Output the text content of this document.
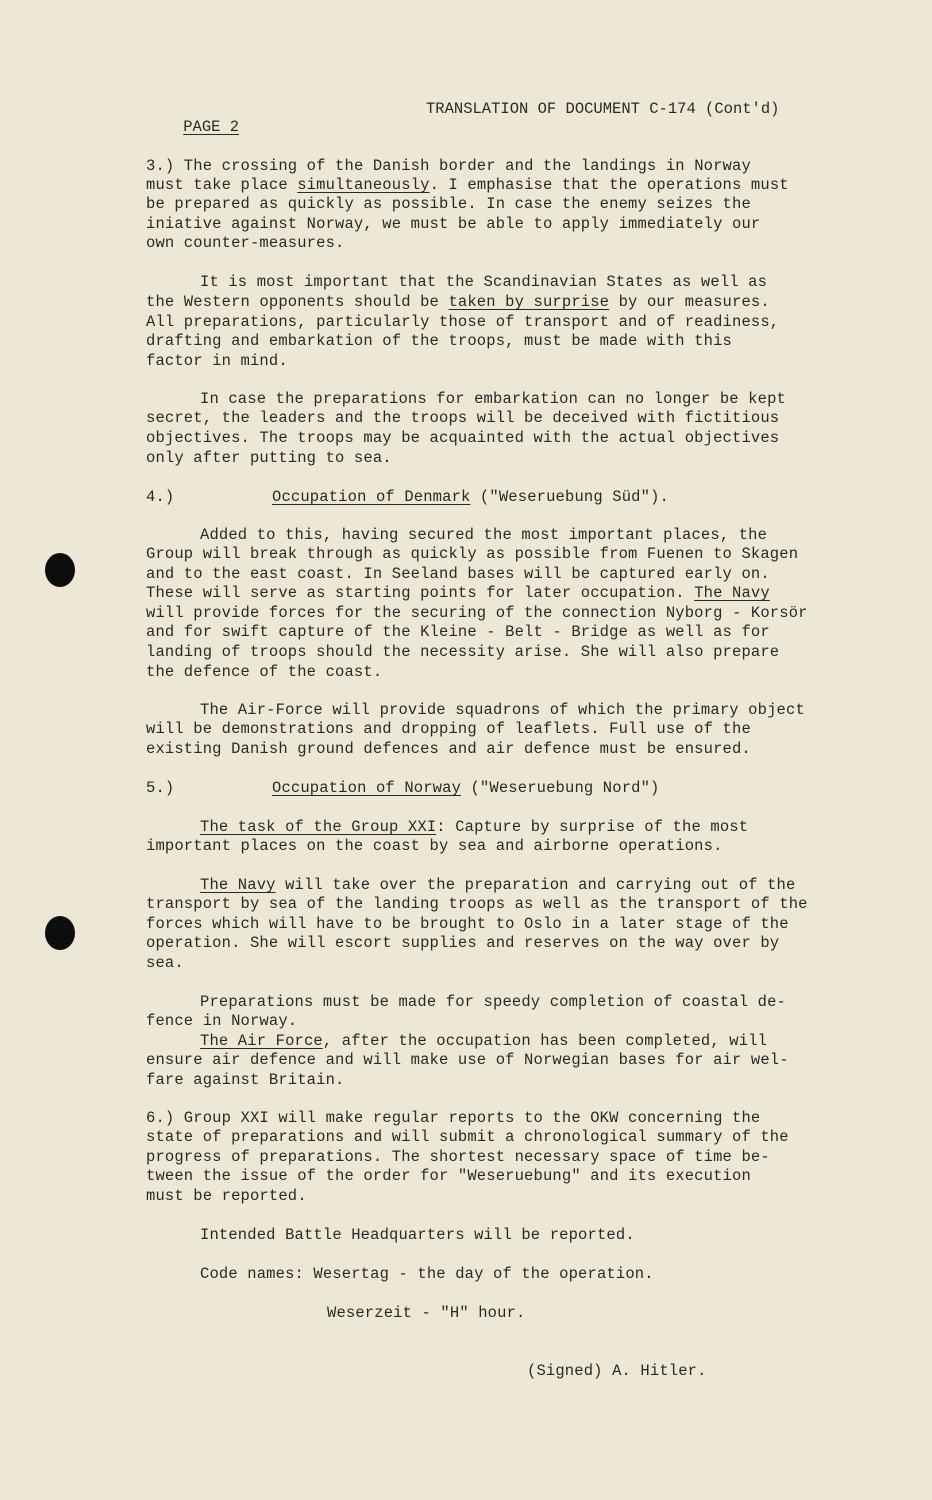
PAGE 2

TRANSLATION OF DOCUMENT C-174 (Cont'd)
3.) The crossing of the Danish border and the landings in Norway
must take place simultaneously. I emphasise that the operations must
be prepared as quickly as possible. In case the enemy seizes the
iniative against Norway, we must be able to apply immediately our
own counter-measures.
It is most important that the Scandinavian States as well as
the Western opponents should be taken by surprise by our measures.
All preparations, particularly those of transport and of readiness,
drafting and embarkation of the troops, must be made with this
factor in mind.
In case the preparations for embarkation can no longer be kept
secret, the leaders and the troops will be deceived with fictitious
objectives. The troops may be acquainted with the actual objectives
only after putting to sea.
4.)	Occupation of Denmark ("Weseruebung Süd").
Added to this, having secured the most important places, the
Group will break through as quickly as possible from Fuenen to Skagen
and to the east coast. In Seeland bases will be captured early on.
These will serve as starting points for later occupation. The Navy
will provide forces for the securing of the connection Nyborg - Korsör
and for swift capture of the Kleine - Belt - Bridge as well as for
landing of troops should the necessity arise. She will also prepare
the defence of the coast.
The Air-Force will provide squadrons of which the primary object
will be demonstrations and dropping of leaflets. Full use of the
existing Danish ground defences and air defence must be ensured.
5.)	Occupation of Norway ("Weseruebung Nord")
The task of the Group XXI: Capture by surprise of the most
important places on the coast by sea and airborne operations.
The Navy will take over the preparation and carrying out of the
transport by sea of the landing troops as well as the transport of the
forces which will have to be brought to Oslo in a later stage of the
operation. She will escort supplies and reserves on the way over by
sea.
Preparations must be made for speedy completion of coastal de-
fence in Norway.
The Air Force, after the occupation has been completed, will
ensure air defence and will make use of Norwegian bases for air wel-
fare against Britain.
6.) Group XXI will make regular reports to the OKW concerning the
state of preparations and will submit a chronological summary of the
progress of preparations. The shortest necessary space of time be-
tween the issue of the order for "Weseruebung" and its execution
must be reported.
Intended Battle Headquarters will be reported.
Code names: Wesertag - the day of the operation.
Weserzeit - "H" hour.
(Signed) A. Hitler.
